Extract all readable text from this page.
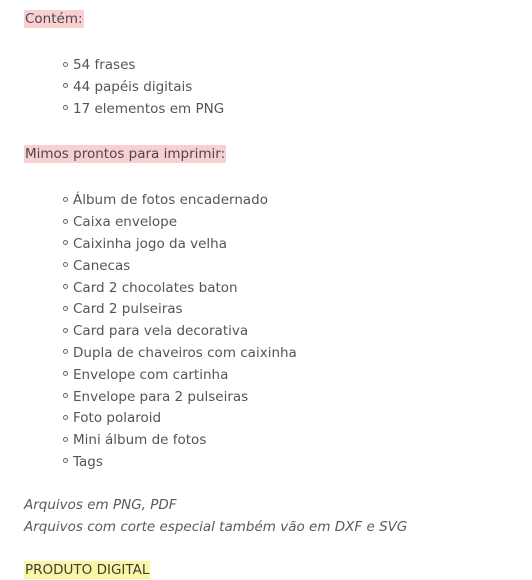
Contém:
54 frases
44 papéis digitais
17 elementos em PNG
Mimos prontos para imprimir:
Álbum de fotos encadernado
Caixa envelope
Caixinha jogo da velha
Canecas
Card 2 chocolates baton
Card 2 pulseiras
Card para vela decorativa
Dupla de chaveiros com caixinha
Envelope com cartinha
Envelope para 2 pulseiras
Foto polaroid
Mini álbum de fotos
Tags
Arquivos em PNG, PDF
Arquivos com corte especial também vão em DXF e SVG
PRODUTO DIGITAL
